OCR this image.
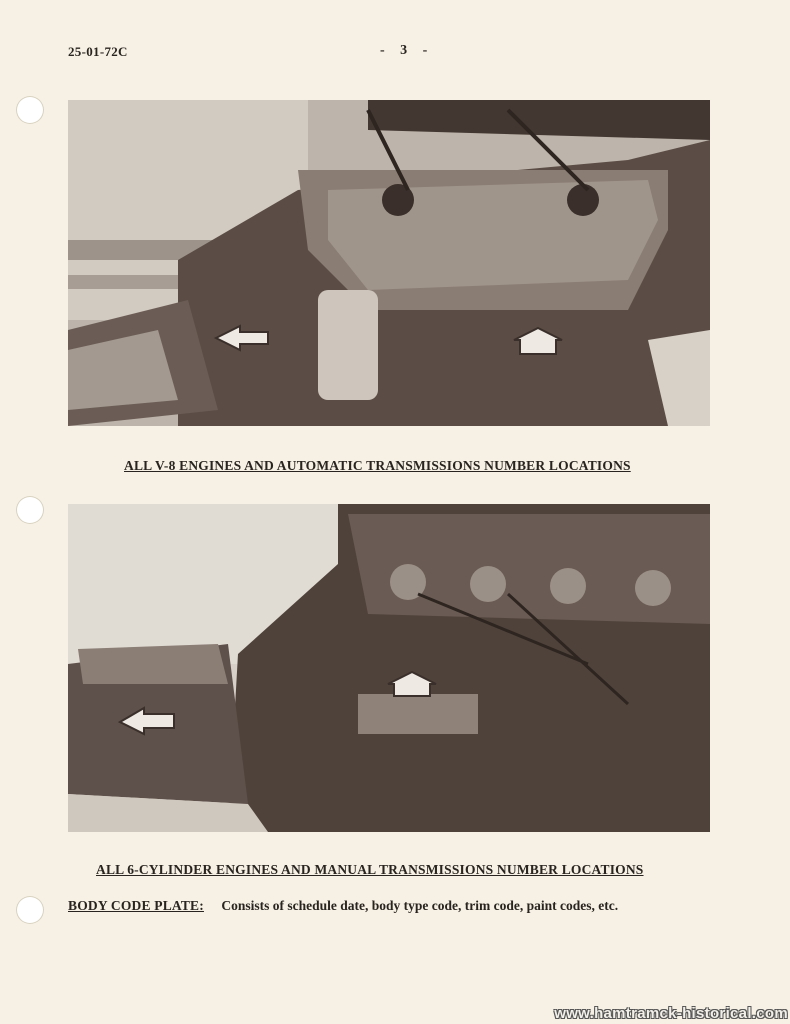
25-01-72C	- 3 -
ALL V-8 ENGINES AND AUTOMATIC TRANSMISSIONS NUMBER LOCATIONS
ALL 6-CYLINDER ENGINES AND MANUAL TRANSMISSIONS NUMBER LOCATIONS
BODY CODE PLATE: Consists of schedule date, body type code, trim code, paint codes, etc.
www.hamtramck-historical.com
